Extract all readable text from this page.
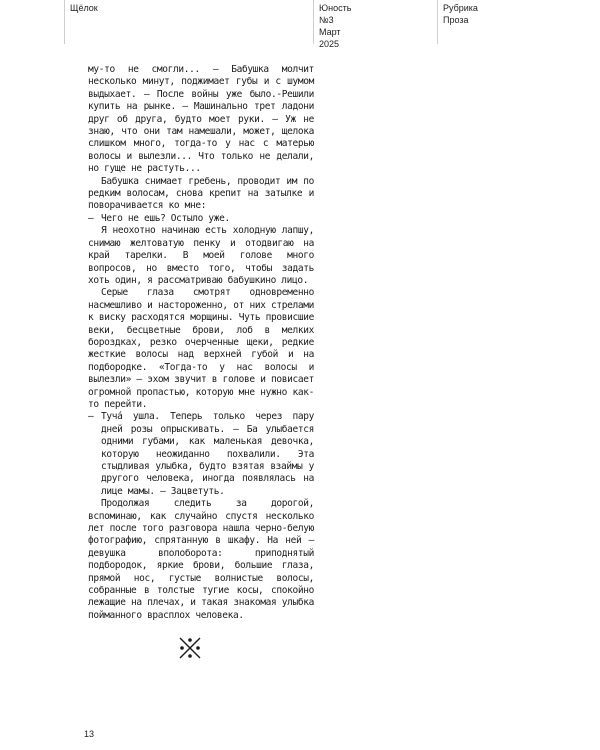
Щёлок	Юность №3
Март 2025
Рубрика
Проза

му-то не смогли... – Бабушка молчит несколько минут, поджимает губы и с шумом выдыхает. – После войны уже было.-Решили купить на рынке. – Машинально трет ладони друг об друга, будто моет руки. – Уж не знаю, что они там намешали, может, щелока слишком много, тогда-то у нас с матерью волосы и вылезли... Что только не делали, но гуще не растуть...

Бабушка снимает гребень, проводит им по редким волосам, снова крепит на затылке и поворачивается ко мне:

– Чего не ешь? Остыло уже.

Я неохотно начинаю есть холодную лапшу, снимаю желтоватую пенку и отодвигаю на край тарелки. В моей голове много вопросов, но вместо того, чтобы задать хоть один, я рассматриваю бабушкино лицо.

Серые глаза смотрят одновременно насмешливо и настороженно, от них стрелами к виску расходятся морщины. Чуть провисшие веки, бесцветные брови, лоб в мелких бороздках, резко очерченные щеки, редкие жесткие волосы над верхней губой и на подбородке. «Тогда-то у нас волосы и вылезли» – эхом звучит в голове и повисает огромной пропастью, которую мне нужно как-то перейти.

– Туча́ ушла. Теперь только через пару дней розы опрыскивать. – Ба улыбается одними губами, как маленькая девочка, которую неожиданно похвалили. Эта стыдливая улыбка, будто взятая взаймы у другого человека, иногда появлялась на лице мамы. – Зацветуть.

Продолжая следить за дорогой, вспоминаю, как случайно спустя несколько лет после того разговора нашла черно-белую фотографию, спрятанную в шкафу. На ней – девушка вполоборота: приподнятый подбородок, яркие брови, большие глаза, прямой нос, густые волнистые волосы, собранные в толстые тугие косы, спокойно лежащие на плечах, и такая знакомая улыбка пойманного врасплох человека.

13
